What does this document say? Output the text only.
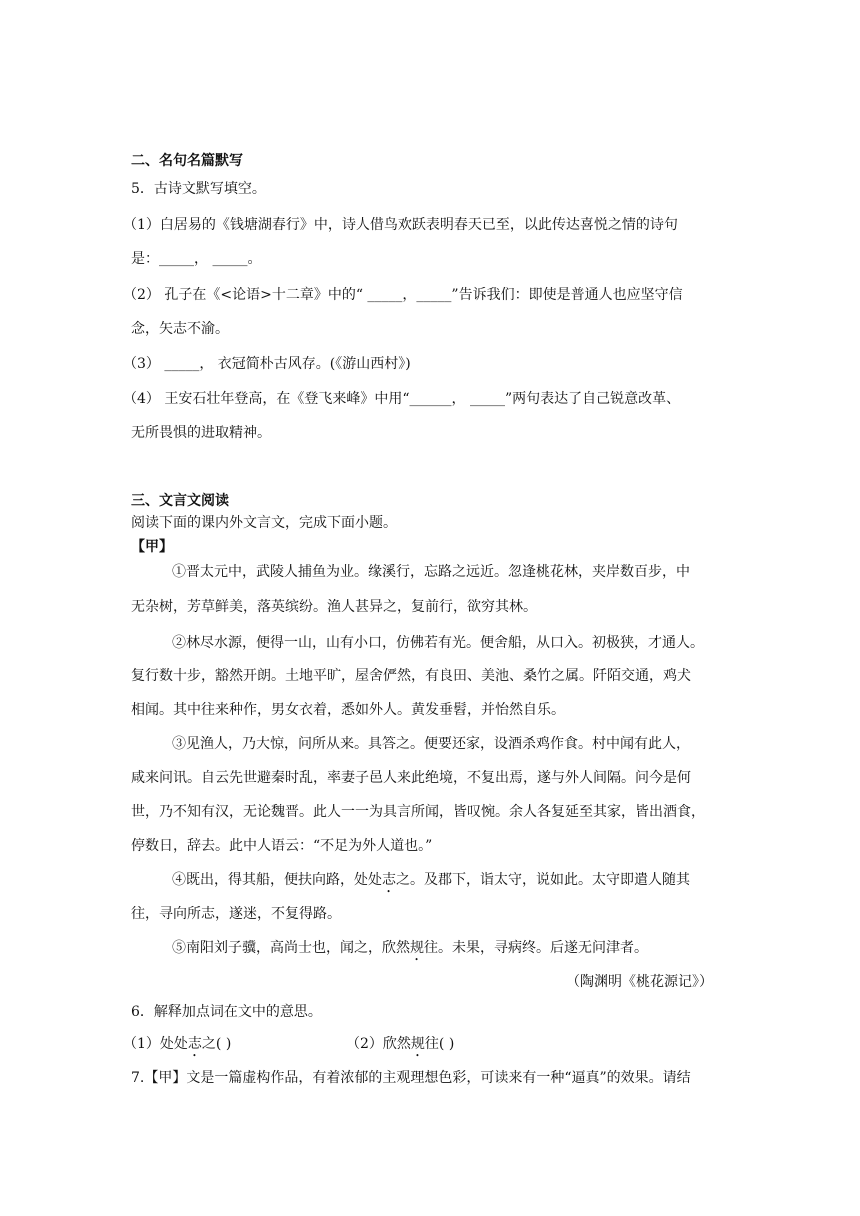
二、名句名篇默写
5．古诗文默写填空。
（1）白居易的《钱塘湖春行》中，诗人借鸟欢跃表明春天已至，以此传达喜悦之情的诗句
是：_____， _____。
（2） 孔子在《<论语>十二章》中的“ _____，_____”告诉我们：即使是普通人也应坚守信
念，矢志不渝。
（3） _____， 衣冠简朴古风存。(《游山西村》)
（4） 王安石壮年登高，在《登飞来峰》中用“______， _____”两句表达了自己锐意改革、
无所畏惧的进取精神。
三、文言文阅读
阅读下面的课内外文言文，完成下面小题。
【甲】
①晋太元中，武陵人捕鱼为业。缘溪行，忘路之远近。忽逢桃花林，夹岸数百步，中
无杂树，芳草鲜美，落英缤纷。渔人甚异之，复前行，欲穷其林。
②林尽水源，便得一山，山有小口，仿佛若有光。便舍船，从口入。初极狭，才通人。
复行数十步，豁然开朗。土地平旷，屋舍俨然，有良田、美池、桑竹之属。阡陌交通，鸡犬
相闻。其中往来种作，男女衣着，悉如外人。黄发垂髫，并怡然自乐。
③见渔人，乃大惊，问所从来。具答之。便要还家，设酒杀鸡作食。村中闻有此人，
咸来问讯。自云先世避秦时乱，率妻子邑人来此绝境，不复出焉，遂与外人间隔。问今是何
世，乃不知有汉，无论魏晋。此人一一为具言所闻，皆叹惋。余人各复延至其家，皆出酒食，
停数日，辞去。此中人语云：“不足为外人道也。”
④既出，得其船，便扶向路，处处志之。及郡下，诣太守，说如此。太守即遣人随其
往，寻向所志，遂迷，不复得路。
⑤南阳刘子骥，高尚士也，闻之，欣然规往。未果，寻病终。后遂无问津者。
（陶渊明《桃花源记》）
6．解释加点词在文中的意思。
（1）处处志之( )	（2）欣然规往( )
7.【甲】文是一篇虚构作品，有着浓郁的主观理想色彩，可读来有一种“逼真”的效果。请结
